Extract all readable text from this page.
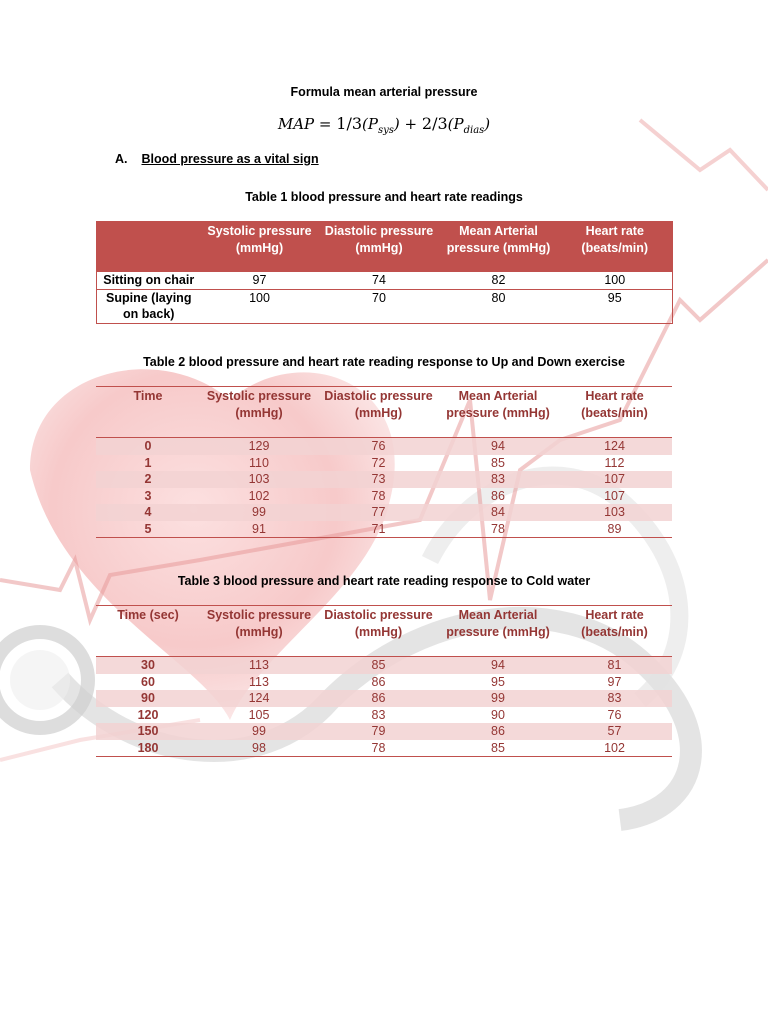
Formula mean arterial pressure
MAP = $1/3(P_{sys}) + 2/3(P_{dias})$
A. Blood pressure as a vital sign
Table 1 blood pressure and heart rate readings
	Systolic pressure (mmHg)	Diastolic pressure (mmHg)	Mean Arterial pressure (mmHg)	Heart rate (beats/min)
Sitting on chair	97	74	82	100
Supine (laying on back)	100	70	80	95
Table 2 blood pressure and heart rate reading response to Up and Down exercise
Time	Systolic pressure (mmHg)	Diastolic pressure (mmHg)	Mean Arterial pressure (mmHg)	Heart rate (beats/min)
0	129	76	94	124
1	110	72	85	112
2	103	73	83	107
3	102	78	86	107
4	99	77	84	103
5	91	71	78	89
Table 3 blood pressure and heart rate reading response to Cold water
Time (sec)	Systolic pressure (mmHg)	Diastolic pressure (mmHg)	Mean Arterial pressure (mmHg)	Heart rate (beats/min)
30	113	85	94	81
60	113	86	95	97
90	124	86	99	83
120	105	83	90	76
150	99	79	86	57
180	98	78	85	102
